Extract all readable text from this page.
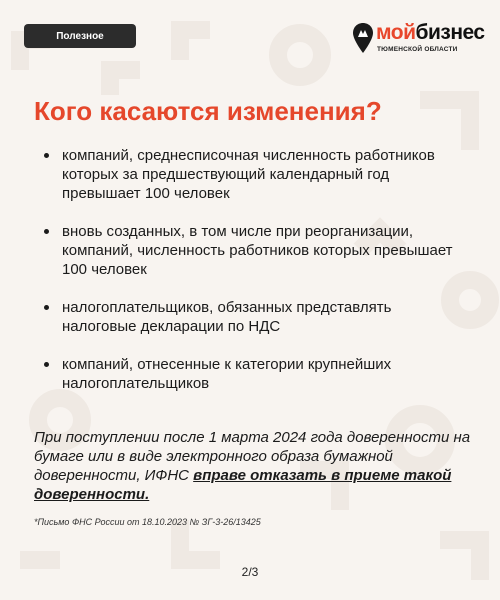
Полезное	мойбизнес
ТЮМЕНСКОЙ ОБЛАСТИ
Кого касаются изменения?
компаний, среднесписочная численность работников которых за предшествующий календарный год превышает 100 человек
вновь созданных, в том числе при реорганизации, компаний, численность работников которых превышает 100 человек
налогоплательщиков, обязанных представлять налоговые декларации по НДС
компаний, отнесенные к категории крупнейших налогоплательщиков

При поступлении после 1 марта 2024 года доверенности на бумаге или в виде электронного образа бумажной доверенности, ИФНС вправе отказать в приеме такой доверенности.

*Письмо ФНС России от 18.10.2023 № ЗГ-3-26/13425

2/3
